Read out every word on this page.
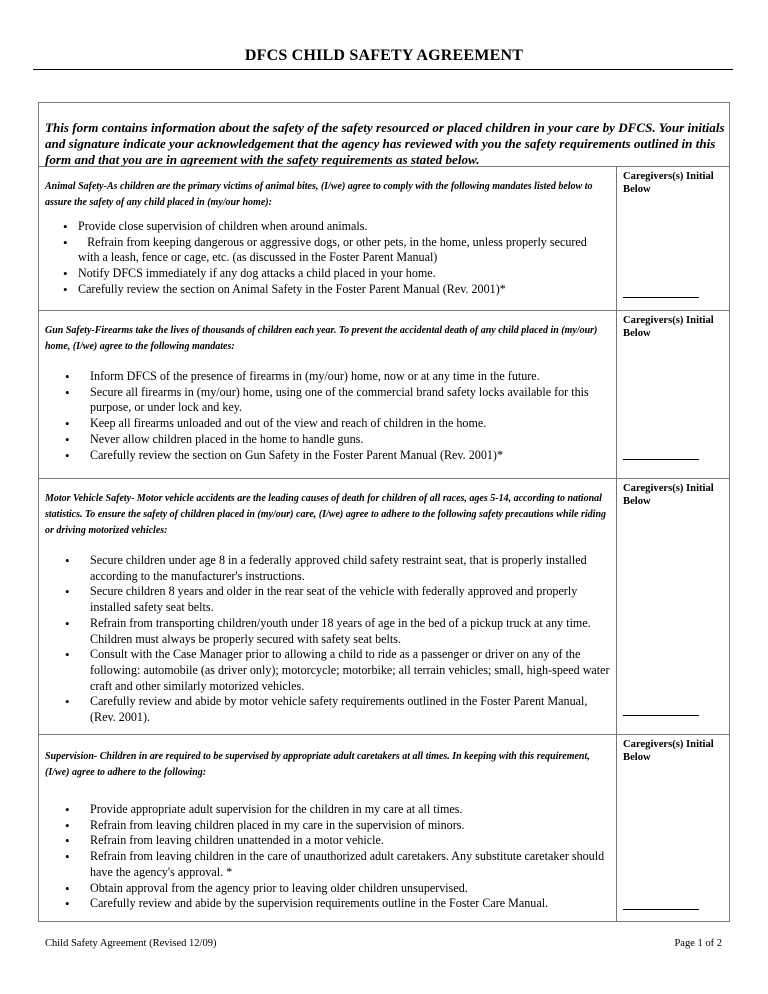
DFCS CHILD SAFETY AGREEMENT
This form contains information about the safety of the safety resourced or placed children in your care by DFCS. Your initials and signature indicate your acknowledgement that the agency has reviewed with you the safety requirements outlined in this form and that you are in agreement with the safety requirements as stated below.
Animal Safety-As children are the primary victims of animal bites, (I/we) agree to comply with the following mandates listed below to assure the safety of any child placed in (my/our home):
• Provide close supervision of children when around animals.
•    Refrain from keeping dangerous or aggressive dogs, or other pets, in the home, unless properly secured with a leash, fence or cage, etc. (as discussed in the Foster Parent Manual)
• Notify DFCS immediately if any dog attacks a child placed in your home.
• Carefully review the section on Animal Safety in the Foster Parent Manual (Rev. 2001)*
Caregivers(s) Initial Below
Gun Safety-Firearms take the lives of thousands of children each year. To prevent the accidental death of any child placed in (my/our) home, (I/we) agree to the following mandates:
• Inform DFCS of the presence of firearms in (my/our) home, now or at any time in the future.
• Secure all firearms in (my/our) home, using one of the commercial brand safety locks available for this purpose, or under lock and key.
• Keep all firearms unloaded and out of the view and reach of children in the home.
• Never allow children placed in the home to handle guns.
• Carefully review the section on Gun Safety in the Foster Parent Manual (Rev. 2001)*
Caregivers(s) Initial Below
Motor Vehicle Safety- Motor vehicle accidents are the leading causes of death for children of all races, ages 5-14, according to national statistics. To ensure the safety of children placed in (my/our) care, (I/we) agree to adhere to the following safety precautions while riding or driving motorized vehicles:
• Secure children under age 8 in a federally approved child safety restraint seat, that is properly installed according to the manufacturer's instructions.
• Secure children 8 years and older in the rear seat of the vehicle with federally approved and properly installed safety seat belts.
• Refrain from transporting children/youth under 18 years of age in the bed of a pickup truck at any time. Children must always be properly secured with safety seat belts.
• Consult with the Case Manager prior to allowing a child to ride as a passenger or driver on any of the following: automobile (as driver only); motorcycle; motorbike; all terrain vehicles; small, high-speed water craft and other similarly motorized vehicles.
• Carefully review and abide by motor vehicle safety requirements outlined in the Foster Parent Manual, (Rev. 2001).
Caregivers(s) Initial Below
Supervision- Children in are required to be supervised by appropriate adult caretakers at all times. In keeping with this requirement, (I/we) agree to adhere to the following:
• Provide appropriate adult supervision for the children in my care at all times.
• Refrain from leaving children placed in my care in the supervision of minors.
• Refrain from leaving children unattended in a motor vehicle.
• Refrain from leaving children in the care of unauthorized adult caretakers. Any substitute caretaker should have the agency's approval. *
• Obtain approval from the agency prior to leaving older children unsupervised.
• Carefully review and abide by the supervision requirements outline in the Foster Care Manual.
Caregivers(s) Initial Below
Child Safety Agreement (Revised 12/09)	Page 1 of 2
